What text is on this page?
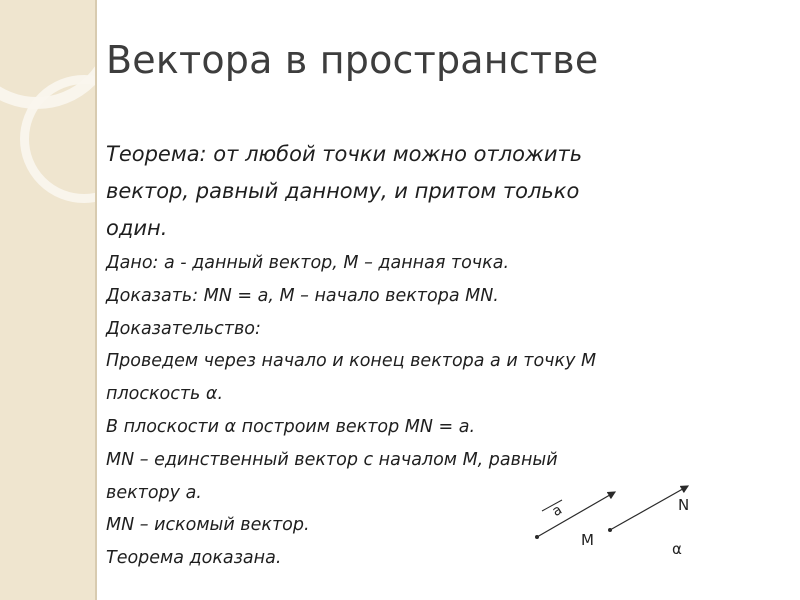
Вектора в пространстве
Теорема: от любой точки можно отложить
вектор, равный данному, и притом только
один.
Дано: a - данный вектор, M – данная точка.
Доказать: MN = a, M – начало вектора MN.
Доказательство:
Проведем через начало и конец вектора a и точку M
плоскость α.
В плоскости α построим вектор MN = a.
MN – единственный вектор с началом M, равный
вектору a.
MN – искомый вектор.
Теорема доказана.
a	N
M	α
